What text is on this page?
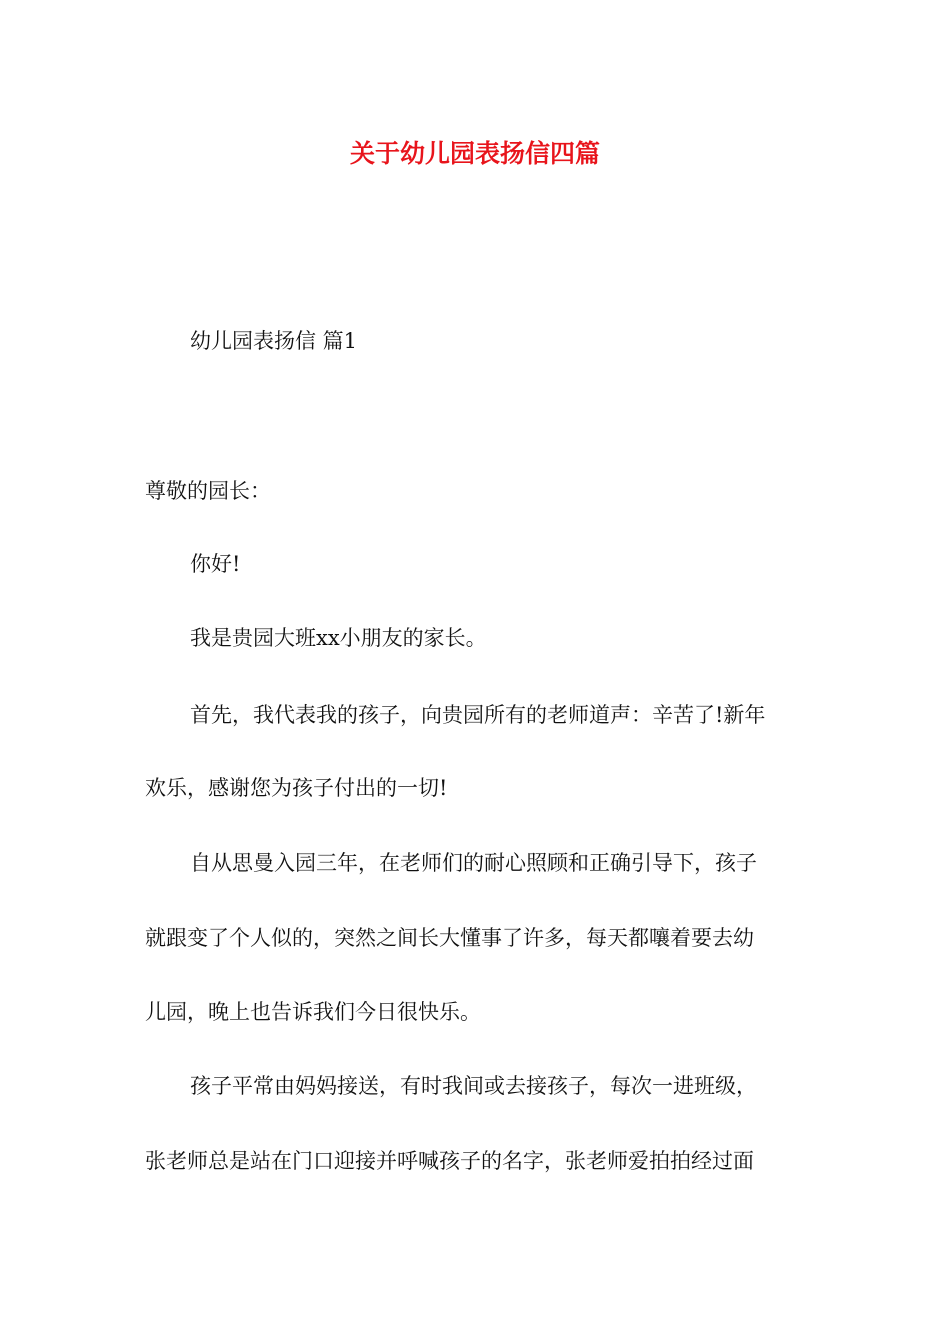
关于幼儿园表扬信四篇

幼儿园表扬信 篇1

尊敬的园长：

你好!

我是贵园大班xx小朋友的家长。

首先，我代表我的孩子，向贵园所有的老师道声：辛苦了!新年

欢乐，感谢您为孩子付出的一切!

自从思曼入园三年，在老师们的耐心照顾和正确引导下，孩子

就跟变了个人似的，突然之间长大懂事了许多，每天都嚷着要去幼

儿园，晚上也告诉我们今日很快乐。

孩子平常由妈妈接送，有时我间或去接孩子，每次一进班级，

张老师总是站在门口迎接并呼喊孩子的名字，张老师爱拍拍经过面
